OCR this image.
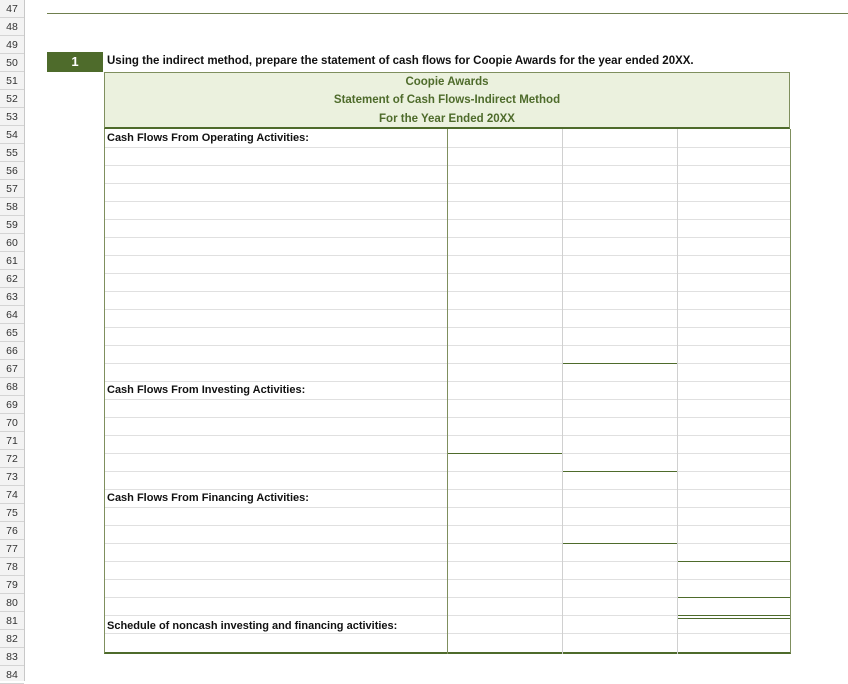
47
48
49
50
51
52
53
54
55
56
57
58
59
60
61
62
63
64
65
66
67
68
69
70
71
72
73
74
75
76
77
78
79
80
81
82
83
84
1	Using the indirect method, prepare the statement of cash flows for Coopie Awards for the year ended 20XX.
Coopie Awards
Statement of Cash Flows-Indirect Method
For the Year Ended 20XX
Cash Flows From Operating Activities:
Cash Flows From Investing Activities:
Cash Flows From Financing Activities:
Schedule of noncash investing and financing activities:
